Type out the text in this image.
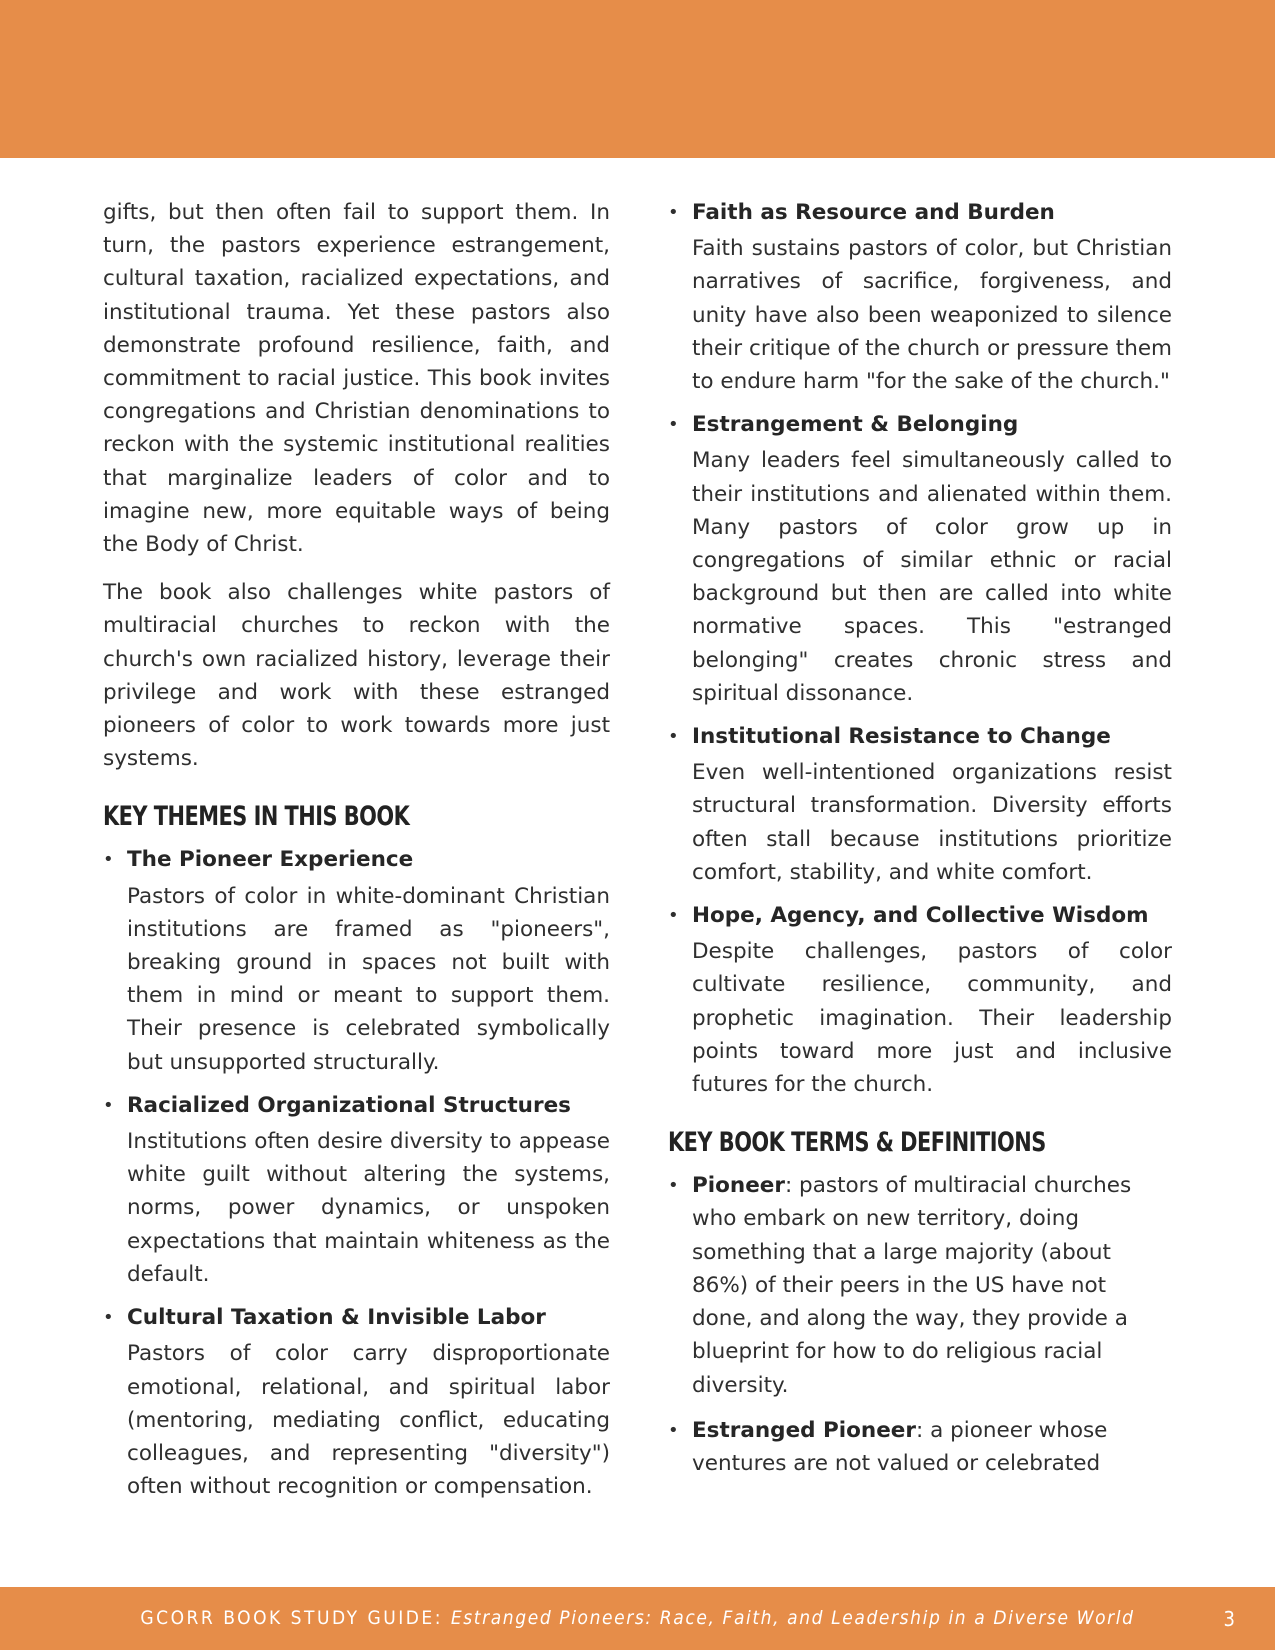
gifts, but then often fail to support them. In turn, the pastors experience estrangement, cultural taxation, racialized expectations, and institutional trauma. Yet these pastors also demonstrate profound resilience, faith, and commitment to racial justice. This book invites congregations and Christian denominations to reckon with the systemic institutional realities that marginalize leaders of color and to imagine new, more equitable ways of being the Body of Christ.

The book also challenges white pastors of multiracial churches to reckon with the church's own racialized history, leverage their privilege and work with these estranged pioneers of color to work towards more just systems.

KEY THEMES IN THIS BOOK
• The Pioneer Experience
Pastors of color in white-dominant Christian institutions are framed as "pioneers", breaking ground in spaces not built with them in mind or meant to support them. Their presence is celebrated symbolically but unsupported structurally.
• Racialized Organizational Structures
Institutions often desire diversity to appease white guilt without altering the systems, norms, power dynamics, or unspoken expectations that maintain whiteness as the default.
• Cultural Taxation & Invisible Labor
Pastors of color carry disproportionate emotional, relational, and spiritual labor (mentoring, mediating conflict, educating colleagues, and representing "diversity") often without recognition or compensation.
• Faith as Resource and Burden
Faith sustains pastors of color, but Christian narratives of sacrifice, forgiveness, and unity have also been weaponized to silence their critique of the church or pressure them to endure harm "for the sake of the church."
• Estrangement & Belonging
Many leaders feel simultaneously called to their institutions and alienated within them. Many pastors of color grow up in congregations of similar ethnic or racial background but then are called into white normative spaces. This "estranged belonging" creates chronic stress and spiritual dissonance.
• Institutional Resistance to Change
Even well-intentioned organizations resist structural transformation. Diversity efforts often stall because institutions prioritize comfort, stability, and white comfort.
• Hope, Agency, and Collective Wisdom
Despite challenges, pastors of color cultivate resilience, community, and prophetic imagination. Their leadership points toward more just and inclusive futures for the church.
KEY BOOK TERMS & DEFINITIONS
• Pioneer: pastors of multiracial churches who embark on new territory, doing something that a large majority (about 86%) of their peers in the US have not done, and along the way, they provide a blueprint for how to do religious racial diversity.
• Estranged Pioneer: a pioneer whose ventures are not valued or celebrated
GCORR BOOK STUDY GUIDE: Estranged Pioneers: Race, Faith, and Leadership in a Diverse World	3
